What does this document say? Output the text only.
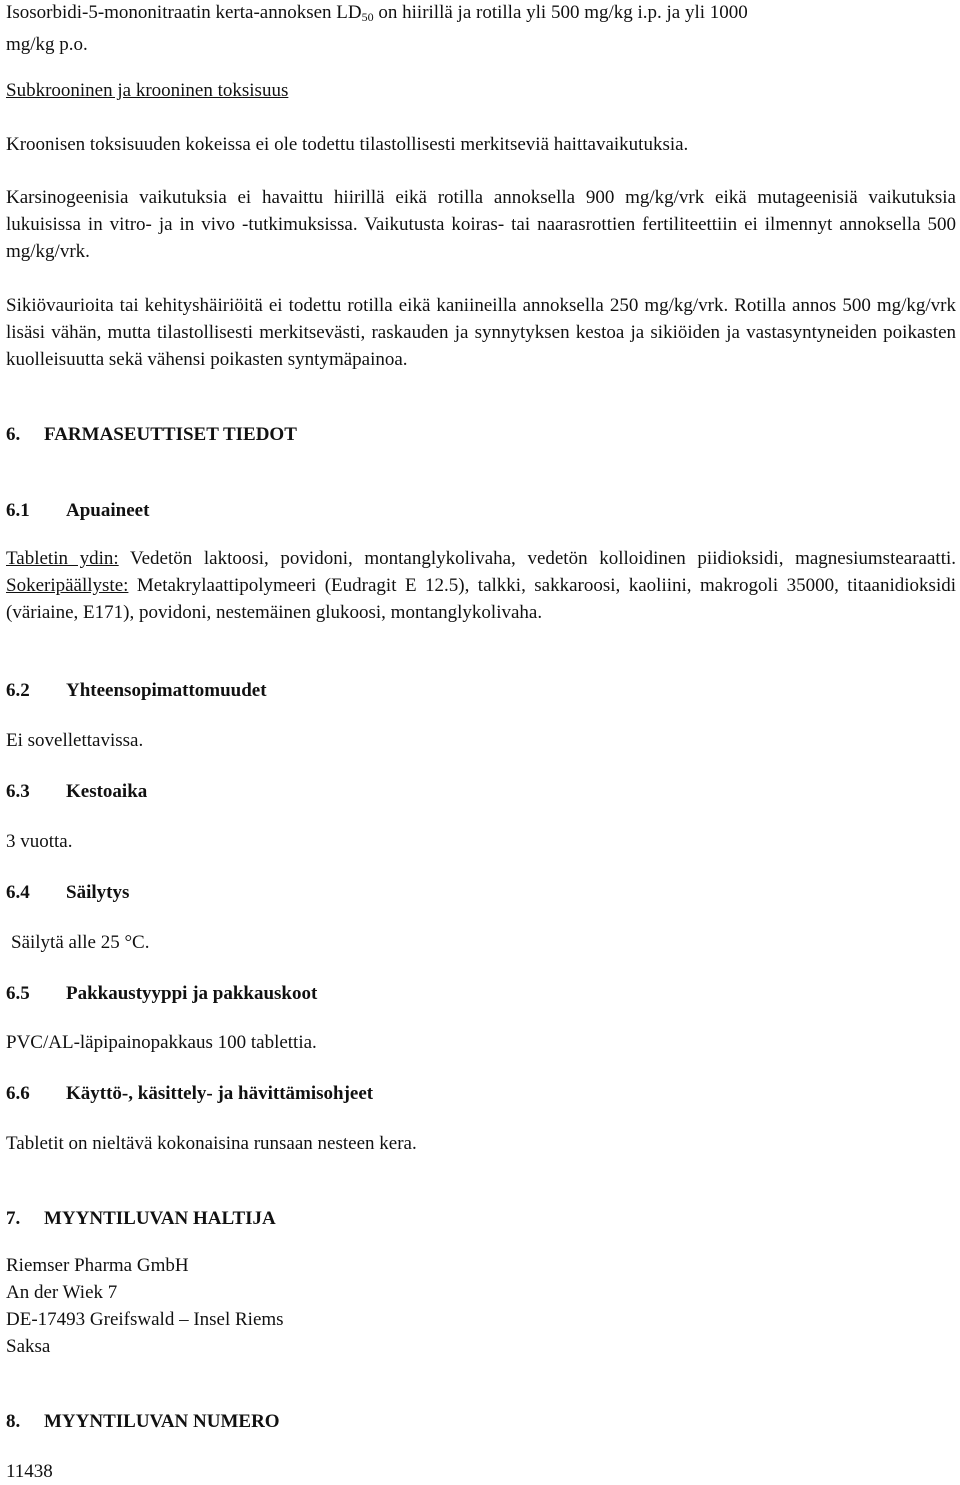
Isosorbidi-5-mononitraatin kerta-annoksen $LD_{50}$ on hiirillä ja rotilla yli 500 mg/kg i.p. ja yli 1000
mg/kg p.o.

Subkrooninen ja krooninen toksisuus

Kroonisen toksisuuden kokeissa ei ole todettu tilastollisesti merkitseviä haittavaikutuksia.

Karsinogeenisia vaikutuksia ei havaittu hiirillä eikä rotilla annoksella 900 mg/kg/vrk eikä mutageenisiä vaikutuksia lukuisissa in vitro- ja in vivo -tutkimuksissa. Vaikutusta koiras- tai naarasrottien fertiliteettiin ei ilmennyt annoksella 500 mg/kg/vrk.

Sikiövaurioita tai kehityshäiriöitä ei todettu rotilla eikä kaniineilla annoksella 250 mg/kg/vrk. Rotilla annos 500 mg/kg/vrk lisäsi vähän, mutta tilastollisesti merkitsevästi, raskauden ja synnytyksen kestoa ja sikiöiden ja vastasyntyneiden poikasten kuolleisuutta sekä vähensi poikasten syntymäpainoa.

6. FARMASEUTTISET TIEDOT
6.1 Apuaineet

Tabletin ydin: Vedetön laktoosi, povidoni, montanglykolivaha, vedetön kolloidinen piidioksidi, magnesiumstearaatti. Sokeripäällyste: Metakrylaattipolymeeri (Eudragit E 12.5), talkki, sakkaroosi, kaoliini, makrogoli 35000, titaanidioksidi (väriaine, E171), povidoni, nestemäinen glukoosi, montanglykolivaha.

6.2 Yhteensopimattomuudet

Ei sovellettavissa.

6.3 Kestoaika

3 vuotta.

6.4 Säilytys

Säilytä alle 25 °C.

6.5 Pakkaustyyppi ja pakkauskoot

PVC/AL-läpipainopakkaus 100 tablettia.

6.6 Käyttö-, käsittely- ja hävittämisohjeet

Tabletit on nieltävä kokonaisina runsaan nesteen kera.

7. MYYNTILUVAN HALTIJA
Riemser Pharma GmbH
An der Wiek 7
DE-17493 Greifswald – Insel Riems
Saksa
8. MYYNTILUVAN NUMERO

11438
